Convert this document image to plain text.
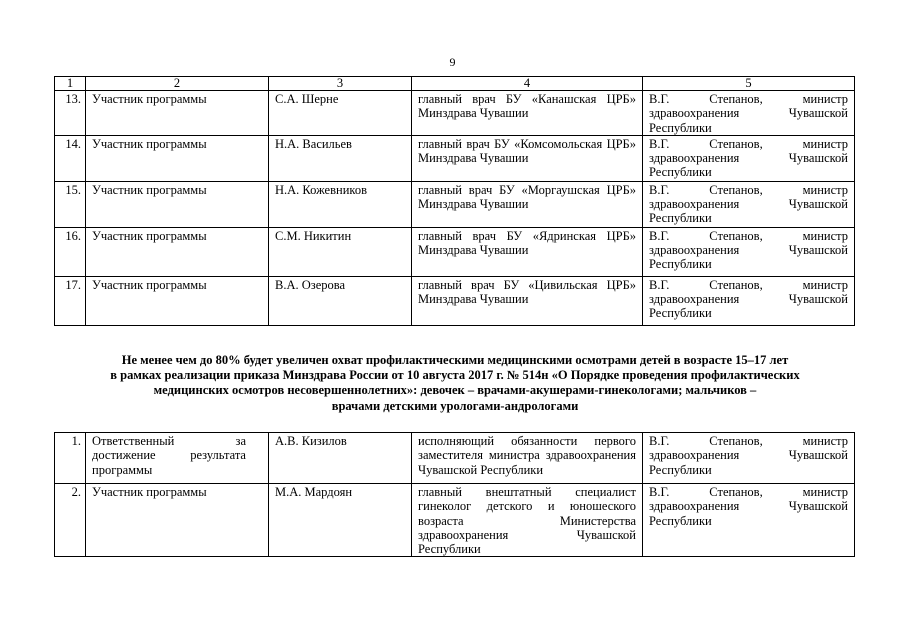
9
1	2	3	4	5
13.	Участник программы	С.А. Шерне	главный врач БУ «Канашская ЦРБ» Минздрава Чувашии	В.Г. Степанов, министр здравоохранения Чувашской Республики
14.	Участник программы	Н.А. Васильев	главный врач БУ «Комсомольская ЦРБ» Минздрава Чувашии	В.Г. Степанов, министр здравоохранения Чувашской Республики
15.	Участник программы	Н.А. Кожевников	главный врач БУ «Моргаушская ЦРБ» Минздрава Чувашии	В.Г. Степанов, министр здравоохранения Чувашской Республики
16.	Участник программы	С.М. Никитин	главный врач БУ «Ядринская ЦРБ» Минздрава Чувашии	В.Г. Степанов, министр здравоохранения Чувашской Республики
17.	Участник программы	В.А. Озерова	главный врач БУ «Цивильская ЦРБ» Минздрава Чувашии	В.Г. Степанов, министр здравоохранения Чувашской Республики
Не менее чем до 80% будет увеличен охват профилактическими медицинскими осмотрами детей в возрасте 15–17 лет
в рамках реализации приказа Минздрава России от 10 августа 2017 г. № 514н «О Порядке проведения профилактических
медицинских осмотров несовершеннолетних»: девочек – врачами-акушерами-гинекологами; мальчиков –
врачами детскими урологами-андрологами
1.	Ответственный за достижение результата программы	А.В. Кизилов	исполняющий обязанности первого заместителя министра здравоохранения Чувашской Республики	В.Г. Степанов, министр здравоохранения Чувашской Республики
2.	Участник программы	М.А. Мардоян	главный внештатный специалист гинеколог детского и юношеского возраста Министерства здравоохранения Чувашской Республики	В.Г. Степанов, министр здравоохранения Чувашской Республики
